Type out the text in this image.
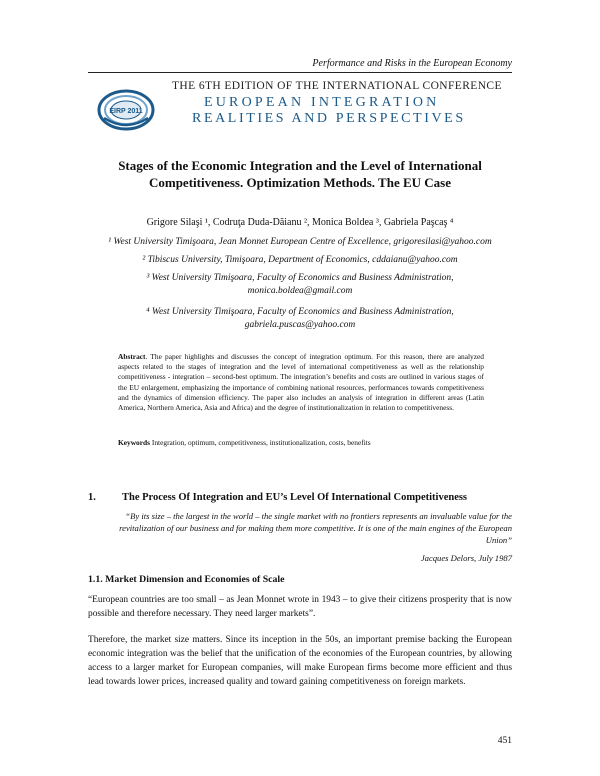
Performance and Risks in the European Economy
EIRP 2011
THE 6TH EDITION OF THE INTERNATIONAL CONFERENCE
EUROPEAN INTEGRATION
REALITIES AND PERSPECTIVES
Stages of the Economic Integration and the Level of International Competitiveness. Optimization Methods. The EU Case
Grigore Silaşi ¹, Codruţa Duda-Dăianu ², Monica Boldea ³, Gabriela Paşcaş ⁴
¹ West University Timişoara, Jean Monnet European Centre of Excellence, grigoresilasi@yahoo.com
² Tibiscus University, Timişoara, Department of Economics, cddaianu@yahoo.com
³ West University Timişoara, Faculty of Economics and Business Administration, monica.boldea@gmail.com
⁴ West University Timişoara, Faculty of Economics and Business Administration, gabriela.puscas@yahoo.com
Abstract. The paper highlights and discusses the concept of integration optimum. For this reason, there are analyzed aspects related to the stages of integration and the level of international competitiveness as well as the relationship competitiveness - integration – second-best optimum. The integration’s benefits and costs are outlined in various stages of the EU enlargement, emphasizing the importance of combining national resources, performances towards competitiveness and the dynamics of dimension efficiency. The paper also includes an analysis of integration in different areas (Latin America, Northern America, Asia and Africa) and the degree of institutionalization in relation to competitiveness.
Keywords Integration, optimum, competitiveness, institutionalization, costs, benefits
1. The Process Of Integration and EU’s Level Of International Competitiveness
“By its size – the largest in the world – the single market with no frontiers represents an invaluable value for the revitalization of our business and for making them more competitive. It is one of the main engines of the European Union”
Jacques Delors, July 1987
1.1. Market Dimension and Economies of Scale
“European countries are too small – as Jean Monnet wrote in 1943 – to give their citizens prosperity that is now possible and therefore necessary. They need larger markets”.
Therefore, the market size matters. Since its inception in the 50s, an important premise backing the European economic integration was the belief that the unification of the economies of the European countries, by allowing access to a larger market for European companies, will make European firms become more efficient and thus lead towards lower prices, increased quality and toward gaining competitiveness on foreign markets.
451
